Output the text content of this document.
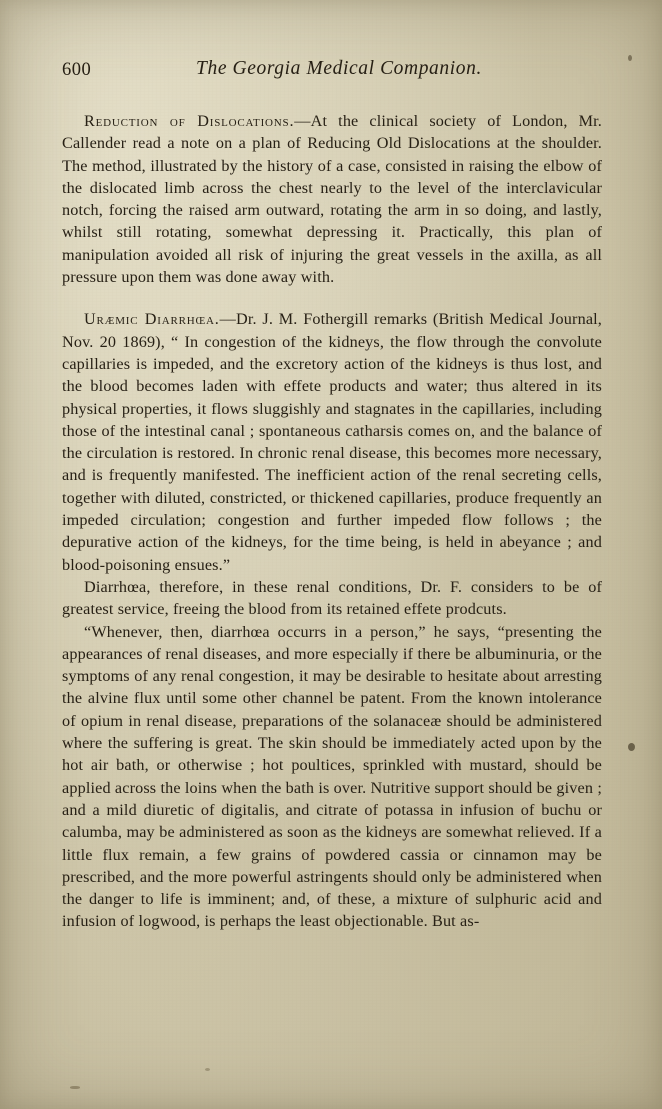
600	The Georgia Medical Companion.

Reduction of Dislocations.—At the clinical society of London, Mr. Callender read a note on a plan of Reducing Old Dislocations at the shoulder. The method, illustrated by the history of a case, consisted in raising the elbow of the dislocated limb across the chest nearly to the level of the interclavicular notch, forcing the raised arm outward, rotating the arm in so doing, and lastly, whilst still rotating, somewhat depressing it. Practically, this plan of manipulation avoided all risk of injuring the great vessels in the axilla, as all pressure upon them was done away with.

Uræmic Diarrhœa.—Dr. J. M. Fothergill remarks (British Medical Journal, Nov. 20 1869), “ In congestion of the kidneys, the flow through the convolute capillaries is impeded, and the excretory action of the kidneys is thus lost, and the blood becomes laden with effete products and water; thus altered in its physical properties, it flows sluggishly and stagnates in the capillaries, including those of the intestinal canal ; spontaneous catharsis comes on, and the balance of the circulation is restored. In chronic renal disease, this becomes more necessary, and is frequently manifested. The inefficient action of the renal secreting cells, together with diluted, constricted, or thickened capillaries, produce frequently an impeded circulation; congestion and further impeded flow follows ; the depurative action of the kidneys, for the time being, is held in abeyance ; and blood-poisoning ensues.”

Diarrhœa, therefore, in these renal conditions, Dr. F. considers to be of greatest service, freeing the blood from its retained effete prodcuts.

“Whenever, then, diarrhœa occurrs in a person,” he says, “presenting the appearances of renal diseases, and more especially if there be albuminuria, or the symptoms of any renal congestion, it may be desirable to hesitate about arresting the alvine flux until some other channel be patent. From the known intolerance of opium in renal disease, preparations of the solanaceæ should be administered where the suffering is great. The skin should be immediately acted upon by the hot air bath, or otherwise ; hot poultices, sprinkled with mustard, should be applied across the loins when the bath is over. Nutritive support should be given ; and a mild diuretic of digitalis, and citrate of potassa in infusion of buchu or calumba, may be administered as soon as the kidneys are somewhat relieved. If a little flux remain, a few grains of powdered cassia or cinnamon may be prescribed, and the more powerful astringents should only be administered when the danger to life is imminent; and, of these, a mixture of sulphuric acid and infusion of logwood, is perhaps the least objectionable. But as-
